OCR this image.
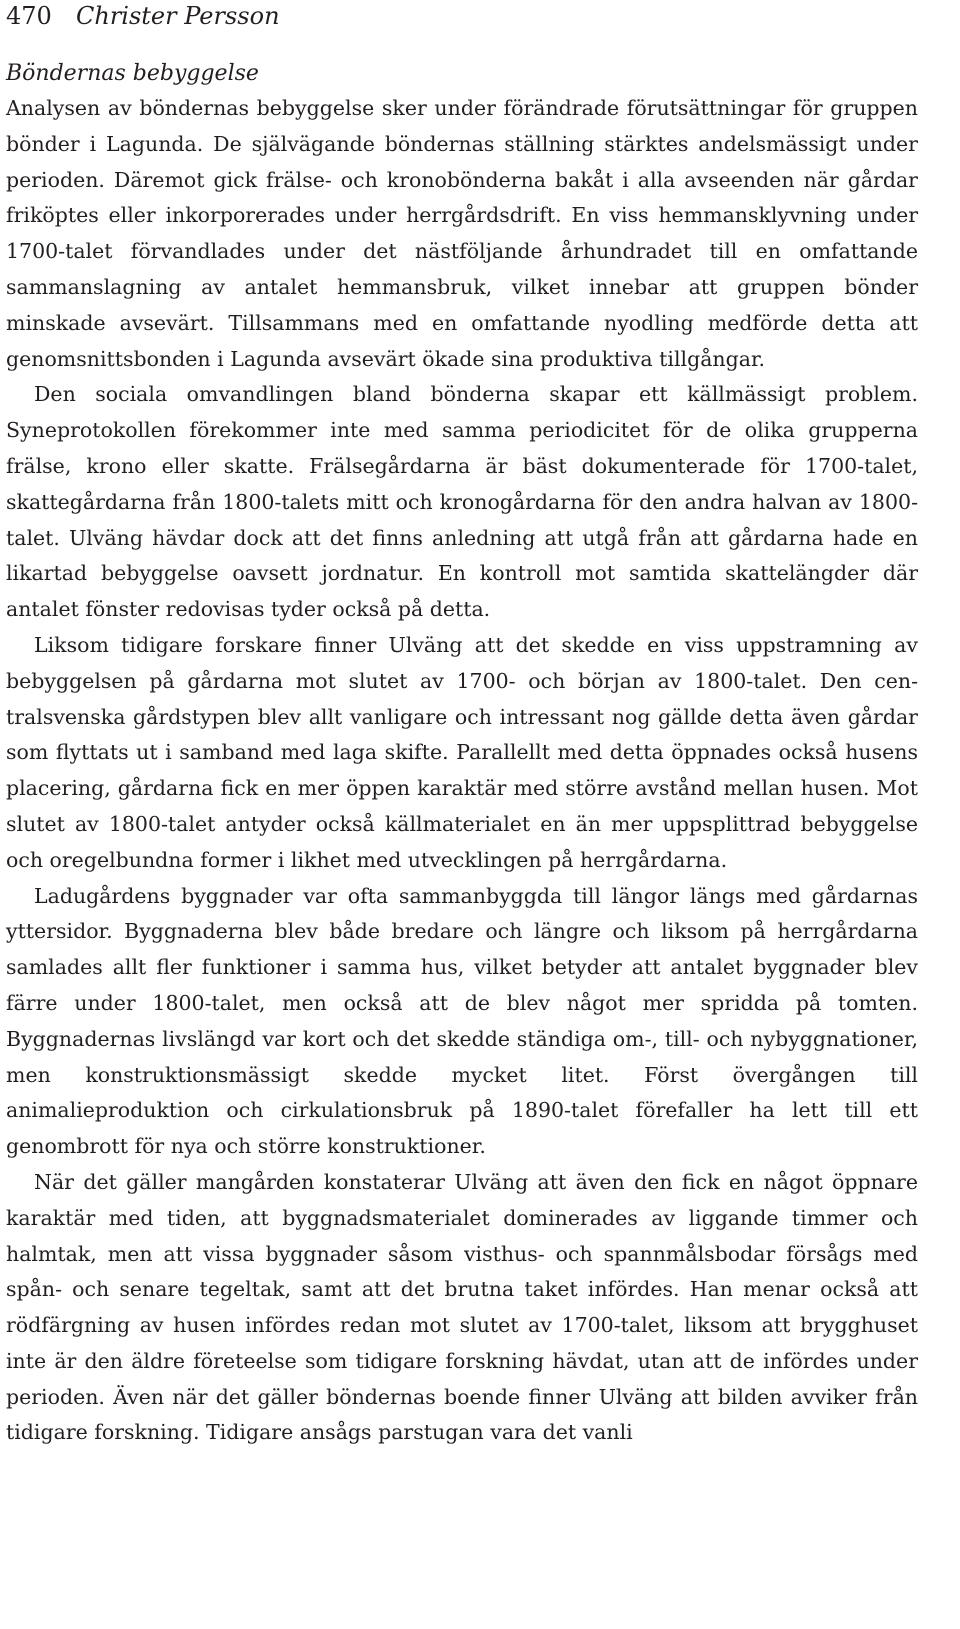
470 Christer Persson
Böndernas bebyggelse

Analysen av böndernas bebyggelse sker under förändrade förutsättningar för gruppen bönder i Lagunda. De självägande böndernas ställning stärktes andelsmässigt under perioden. Däremot gick frälse- och kronobönderna bakåt i alla avseenden när gårdar friköptes eller inkorporerades under herrgårdsdrift. En viss hemmansklyvning under 1700-talet förvandlades under det nästföljande århundradet till en omfattande sammanslagning av antalet hemmansbruk, vilket innebar att gruppen bönder minskade avsevärt. Tillsammans med en omfattande nyodling medförde detta att genomsnittsbonden i Lagunda avsevärt ökade sina produktiva tillgångar.

Den sociala omvandlingen bland bönderna skapar ett källmässigt problem. Syneprotokollen förekommer inte med samma periodicitet för de olika grupperna frälse, krono eller skatte. Frälsegårdarna är bäst dokumenterade för 1700-talet, skattegårdarna från 1800-talets mitt och kronogårdarna för den andra halvan av 1800-talet. Ulväng hävdar dock att det finns anledning att utgå från att gårdarna hade en likartad bebyggelse oavsett jordnatur. En kontroll mot samtida skattelängder där antalet fönster redovisas tyder också på detta.

Liksom tidigare forskare finner Ulväng att det skedde en viss uppstramning av bebyggelsen på gårdarna mot slutet av 1700- och början av 1800-talet. Den centralsvenska gårdstypen blev allt vanligare och intressant nog gällde detta även gårdar som flyttats ut i samband med laga skifte. Parallellt med detta öppnades också husens placering, gårdarna fick en mer öppen karaktär med större avstånd mellan husen. Mot slutet av 1800-talet antyder också källmaterialet en än mer uppsplittrad bebyggelse och oregelbundna former i likhet med utvecklingen på herrgårdarna.

Ladugårdens byggnader var ofta sammanbyggda till längor längs med gårdarnas yttersidor. Byggnaderna blev både bredare och längre och liksom på herrgårdarna samlades allt fler funktioner i samma hus, vilket betyder att antalet byggnader blev färre under 1800-talet, men också att de blev något mer spridda på tomten. Byggnadernas livslängd var kort och det skedde ständiga om-, till- och nybyggnationer, men konstruktionsmässigt skedde mycket litet. Först övergången till animalieproduktion och cirkulationsbruk på 1890-talet förefaller ha lett till ett genombrott för nya och större konstruktioner.

När det gäller mangården konstaterar Ulväng att även den fick en något öppnare karaktär med tiden, att byggnadsmaterialet dominerades av liggande timmer och halmtak, men att vissa byggnader såsom visthus- och spannmålsbodar försågs med spån- och senare tegeltak, samt att det brutna taket infördes. Han menar också att rödfärgning av husen infördes redan mot slutet av 1700-talet, liksom att brygghuset inte är den äldre företeelse som tidigare forskning hävdat, utan att de infördes under perioden. Även när det gäller böndernas boende finner Ulväng att bilden avviker från tidigare forskning. Tidigare ansågs parstugan vara det vanli
